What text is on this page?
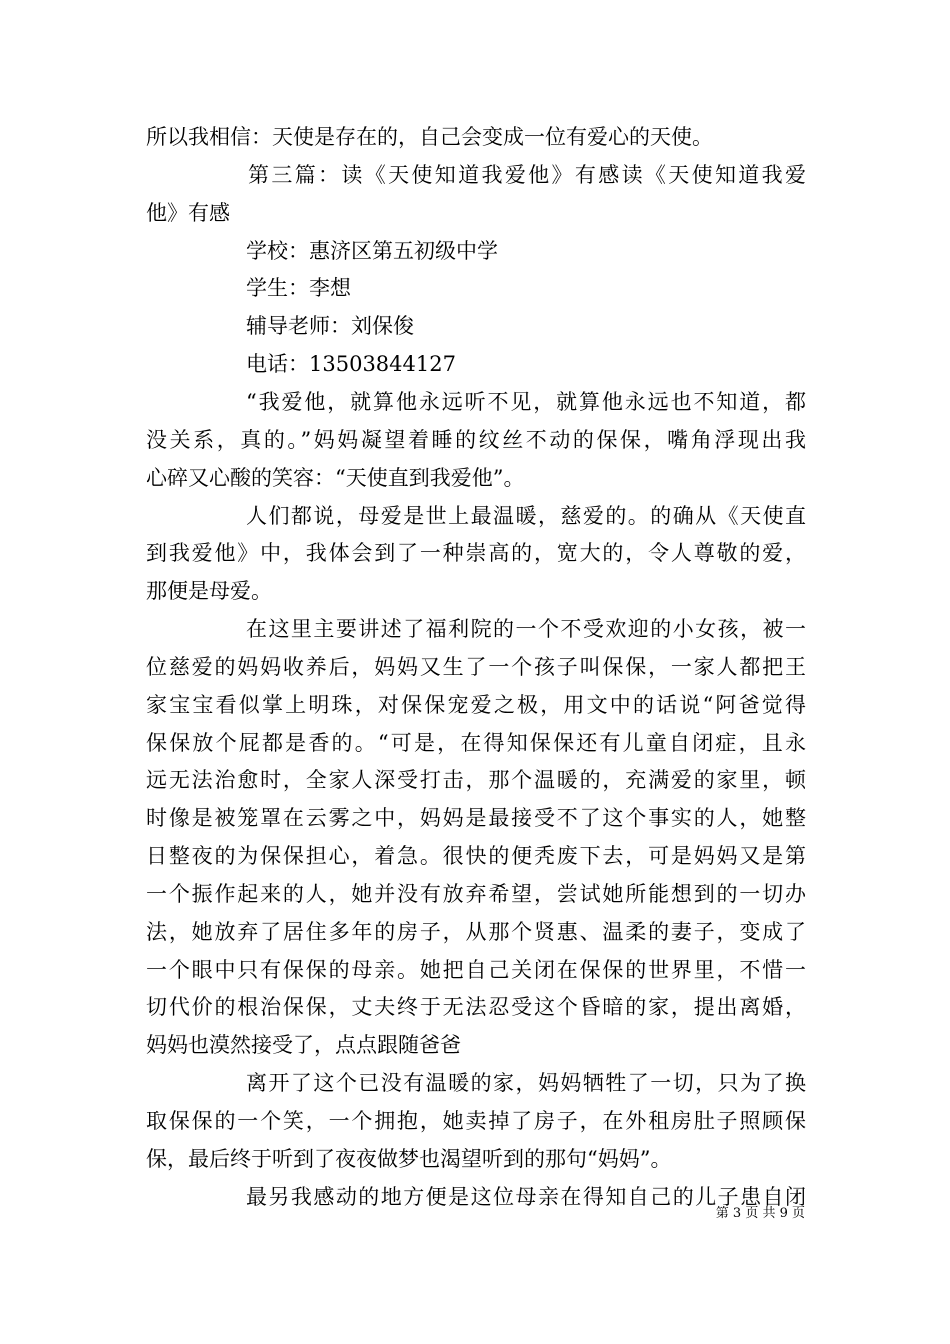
所以我相信：天使是存在的，自己会变成一位有爱心的天使。
第三篇：读《天使知道我爱他》有感读《天使知道我爱
他》有感
学校：惠济区第五初级中学
学生：李想
辅导老师：刘保俊
电话：13503844127
“我爱他，就算他永远听不见，就算他永远也不知道，都
没关系，真的。”妈妈凝望着睡的纹丝不动的保保，嘴角浮现出我
心碎又心酸的笑容：“天使直到我爱他”。
人们都说，母爱是世上最温暖，慈爱的。的确从《天使直
到我爱他》中，我体会到了一种崇高的，宽大的，令人尊敬的爱，
那便是母爱。
在这里主要讲述了福利院的一个不受欢迎的小女孩，被一
位慈爱的妈妈收养后，妈妈又生了一个孩子叫保保，一家人都把王
家宝宝看似掌上明珠，对保保宠爱之极，用文中的话说“阿爸觉得
保保放个屁都是香的。“可是，在得知保保还有儿童自闭症，且永
远无法治愈时，全家人深受打击，那个温暖的，充满爱的家里，顿
时像是被笼罩在云雾之中，妈妈是最接受不了这个事实的人，她整
日整夜的为保保担心，着急。很快的便秃废下去，可是妈妈又是第
一个振作起来的人，她并没有放弃希望，尝试她所能想到的一切办
法，她放弃了居住多年的房子，从那个贤惠、温柔的妻子，变成了
一个眼中只有保保的母亲。她把自己关闭在保保的世界里，不惜一
切代价的根治保保，丈夫终于无法忍受这个昏暗的家，提出离婚，
妈妈也漠然接受了，点点跟随爸爸
离开了这个已没有温暖的家，妈妈牺牲了一切，只为了换
取保保的一个笑，一个拥抱，她卖掉了房子，在外租房肚子照顾保
保，最后终于听到了夜夜做梦也渴望听到的那句“妈妈”。
最另我感动的地方便是这位母亲在得知自己的儿子患自闭
第 3 页 共 9 页
